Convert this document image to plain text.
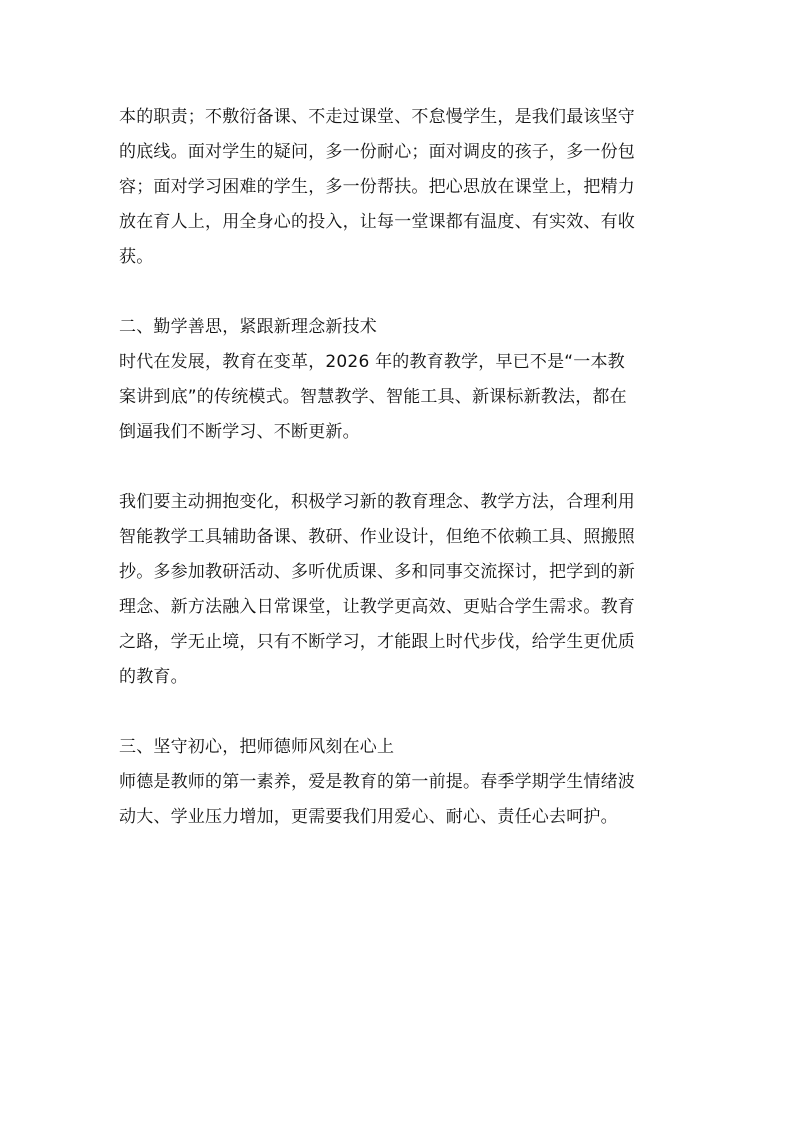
本的职责；不敷衍备课、不走过课堂、不怠慢学生，是我们最该坚守
的底线。面对学生的疑问，多一份耐心；面对调皮的孩子，多一份包
容；面对学习困难的学生，多一份帮扶。把心思放在课堂上，把精力
放在育人上，用全身心的投入，让每一堂课都有温度、有实效、有收
获。
二、勤学善思，紧跟新理念新技术
时代在发展，教育在变革，2026 年的教育教学，早已不是“一本教
案讲到底”的传统模式。智慧教学、智能工具、新课标新教法，都在
倒逼我们不断学习、不断更新。
我们要主动拥抱变化，积极学习新的教育理念、教学方法，合理利用
智能教学工具辅助备课、教研、作业设计，但绝不依赖工具、照搬照
抄。多参加教研活动、多听优质课、多和同事交流探讨，把学到的新
理念、新方法融入日常课堂，让教学更高效、更贴合学生需求。教育
之路，学无止境，只有不断学习，才能跟上时代步伐，给学生更优质
的教育。
三、坚守初心，把师德师风刻在心上
师德是教师的第一素养，爱是教育的第一前提。春季学期学生情绪波
动大、学业压力增加，更需要我们用爱心、耐心、责任心去呵护。
